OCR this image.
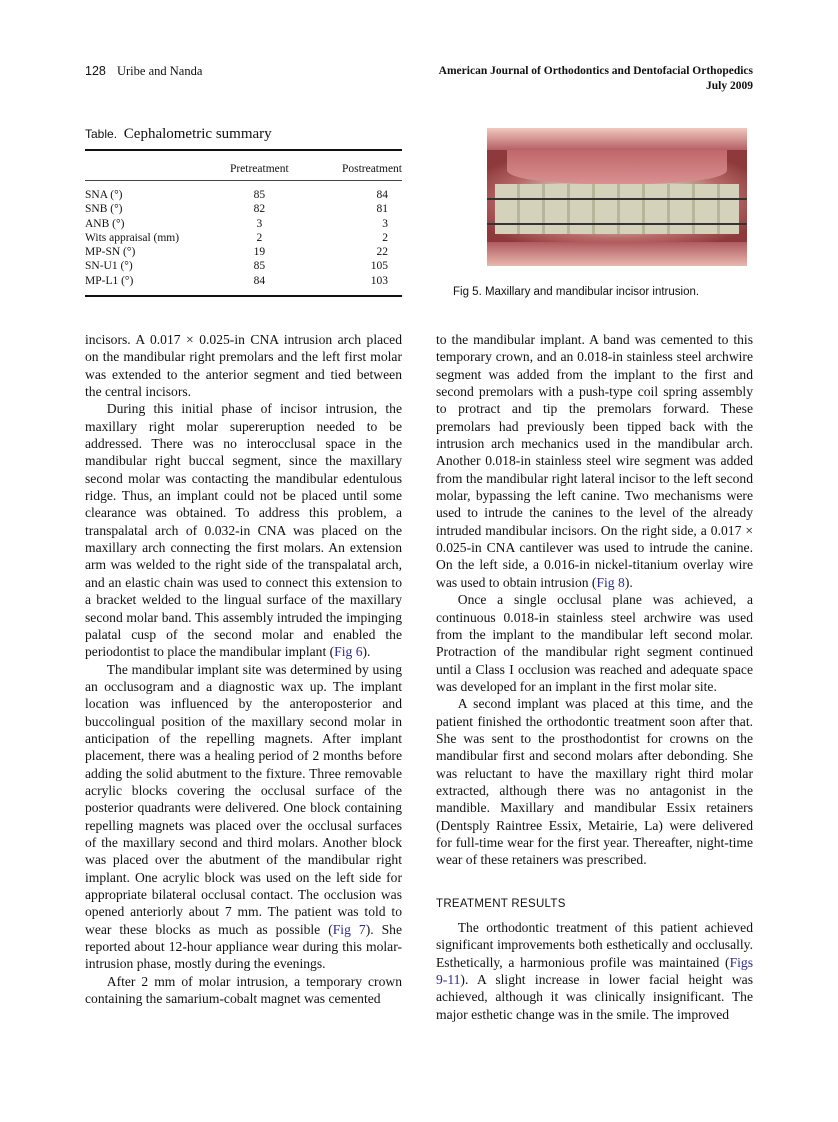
128 Uribe and Nanda	American Journal of Orthodontics and Dentofacial Orthopedics
July 2009
Table. Cephalometric summary
	Pretreatment	Postreatment
SNA (°)	85	84
SNB (°)	82	81
ANB (°)	3	3
Wits appraisal (mm)	2	2
MP-SN (°)	19	22
SN-U1 (°)	85	105
MP-L1 (°)	84	103
Fig 5. Maxillary and mandibular incisor intrusion.

incisors. A 0.017 × 0.025-in CNA intrusion arch placed on the mandibular right premolars and the left first molar was extended to the anterior segment and tied between the central incisors.

During this initial phase of incisor intrusion, the maxillary right molar supereruption needed to be addressed. There was no interocclusal space in the mandibular right buccal segment, since the maxillary second molar was contacting the mandibular edentulous ridge. Thus, an implant could not be placed until some clearance was obtained. To address this problem, a transpalatal arch of 0.032-in CNA was placed on the maxillary arch connecting the first molars. An extension arm was welded to the right side of the transpalatal arch, and an elastic chain was used to connect this extension to a bracket welded to the lingual surface of the maxillary second molar band. This assembly intruded the impinging palatal cusp of the second molar and enabled the periodontist to place the mandibular implant (Fig 6).

The mandibular implant site was determined by using an occlusogram and a diagnostic wax up. The implant location was influenced by the anteroposterior and buccolingual position of the maxillary second molar in anticipation of the repelling magnets. After implant placement, there was a healing period of 2 months before adding the solid abutment to the fixture. Three removable acrylic blocks covering the occlusal surface of the posterior quadrants were delivered. One block containing repelling magnets was placed over the occlusal surfaces of the maxillary second and third molars. Another block was placed over the abutment of the mandibular right implant. One acrylic block was used on the left side for appropriate bilateral occlusal contact. The occlusion was opened anteriorly about 7 mm. The patient was told to wear these blocks as much as possible (Fig 7). She reported about 12-hour appliance wear during this molar-intrusion phase, mostly during the evenings.

After 2 mm of molar intrusion, a temporary crown containing the samarium-cobalt magnet was cemented

to the mandibular implant. A band was cemented to this temporary crown, and an 0.018-in stainless steel archwire segment was added from the implant to the first and second premolars with a push-type coil spring assembly to protract and tip the premolars forward. These premolars had previously been tipped back with the intrusion arch mechanics used in the mandibular arch. Another 0.018-in stainless steel wire segment was added from the mandibular right lateral incisor to the left second molar, bypassing the left canine. Two mechanisms were used to intrude the canines to the level of the already intruded mandibular incisors. On the right side, a 0.017 × 0.025-in CNA cantilever was used to intrude the canine. On the left side, a 0.016-in nickel-titanium overlay wire was used to obtain intrusion (Fig 8).

Once a single occlusal plane was achieved, a continuous 0.018-in stainless steel archwire was used from the implant to the mandibular left second molar. Protraction of the mandibular right segment continued until a Class I occlusion was reached and adequate space was developed for an implant in the first molar site.

A second implant was placed at this time, and the patient finished the orthodontic treatment soon after that. She was sent to the prosthodontist for crowns on the mandibular first and second molars after debonding. She was reluctant to have the maxillary right third molar extracted, although there was no antagonist in the mandible. Maxillary and mandibular Essix retainers (Dentsply Raintree Essix, Metairie, La) were delivered for full-time wear for the first year. Thereafter, night-time wear of these retainers was prescribed.

TREATMENT RESULTS

The orthodontic treatment of this patient achieved significant improvements both esthetically and occlusally. Esthetically, a harmonious profile was maintained (Figs 9-11). A slight increase in lower facial height was achieved, although it was clinically insignificant. The major esthetic change was in the smile. The improved
